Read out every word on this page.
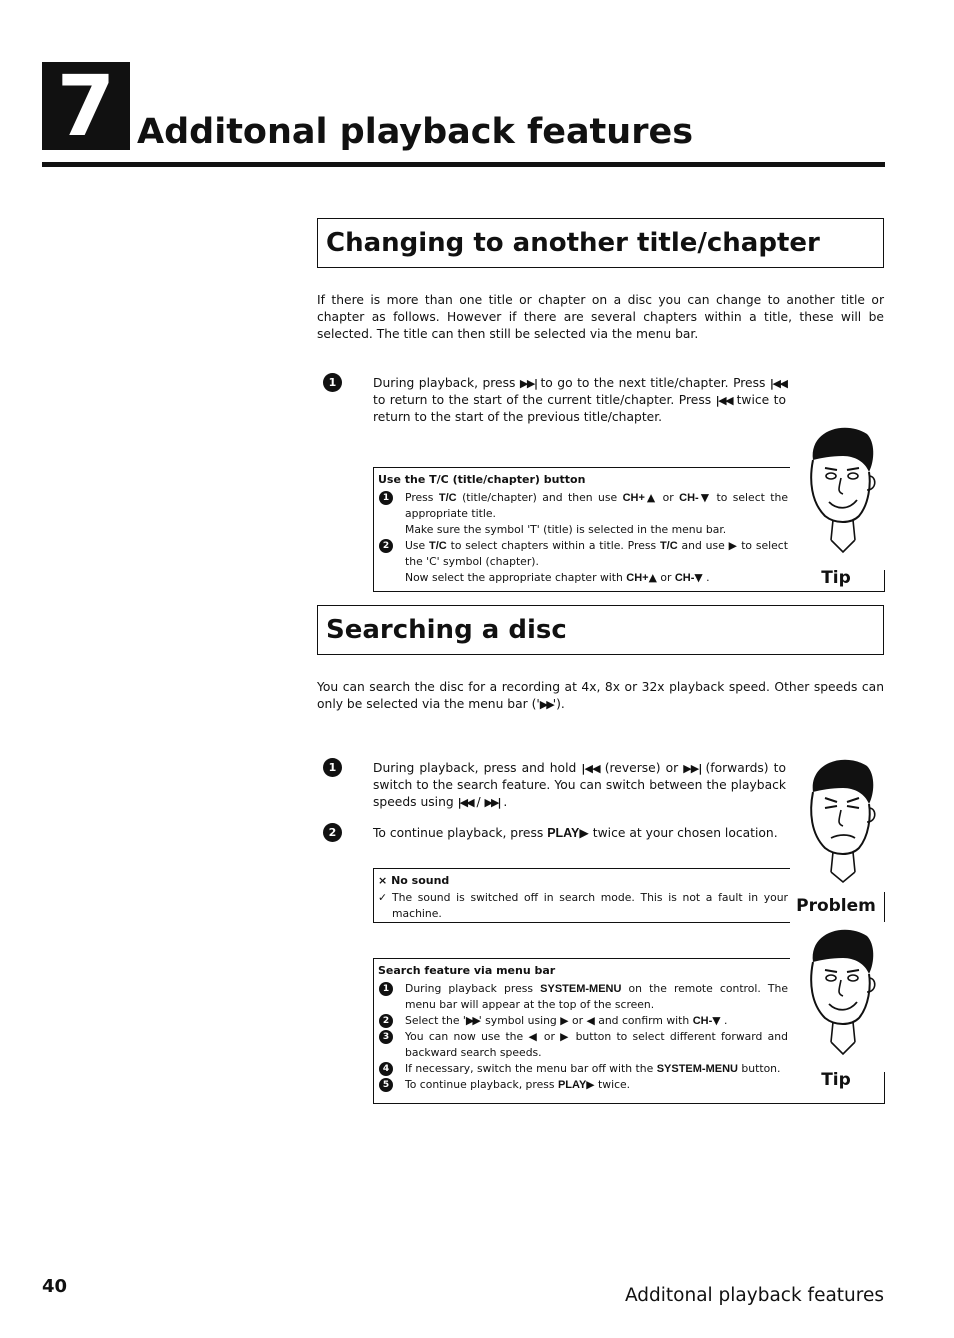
7 Additonal playback features
Changing to another title/chapter
If there is more than one title or chapter on a disc you can change to another title or chapter as follows. However if there are several chapters within a title, these will be selected. The title can then still be selected via the menu bar.
1	During playback, press ▶▶| to go to the next title/chapter. Press |◀◀ to return to the start of the current title/chapter. Press |◀◀ twice to return to the start of the previous title/chapter.
Use the T/C (title/chapter) button
1	Press T/C (title/chapter) and then use CH+▲ or CH-▼ to select the appropriate title.
Make sure the symbol 'T' (title) is selected in the menu bar.
2	Use T/C to select chapters within a title. Press T/C and use ▶ to select the 'C' symbol (chapter).
Now select the appropriate chapter with CH+▲ or CH-▼ .	Tip
Searching a disc
You can search the disc for a recording at 4x, 8x or 32x playback speed. Other speeds can only be selected via the menu bar ('▶▶').
1	During playback, press and hold |◀◀ (reverse) or ▶▶| (forwards) to switch to the search feature. You can switch between the playback speeds using |◀◀ / ▶▶| .
2	To continue playback, press PLAY▶ twice at your chosen location.
× No sound
✓ The sound is switched off in search mode. This is not a fault in your machine.	Problem
Search feature via menu bar
1	During playback press SYSTEM-MENU on the remote control. The menu bar will appear at the top of the screen.
2	Select the '▶▶' symbol using ▶ or ◀ and confirm with CH-▼ .
3	You can now use the ◀ or ▶ button to select different forward and backward search speeds.
4	If necessary, switch the menu bar off with the SYSTEM-MENU button.
5	To continue playback, press PLAY▶ twice.	Tip
40	Additonal playback features
